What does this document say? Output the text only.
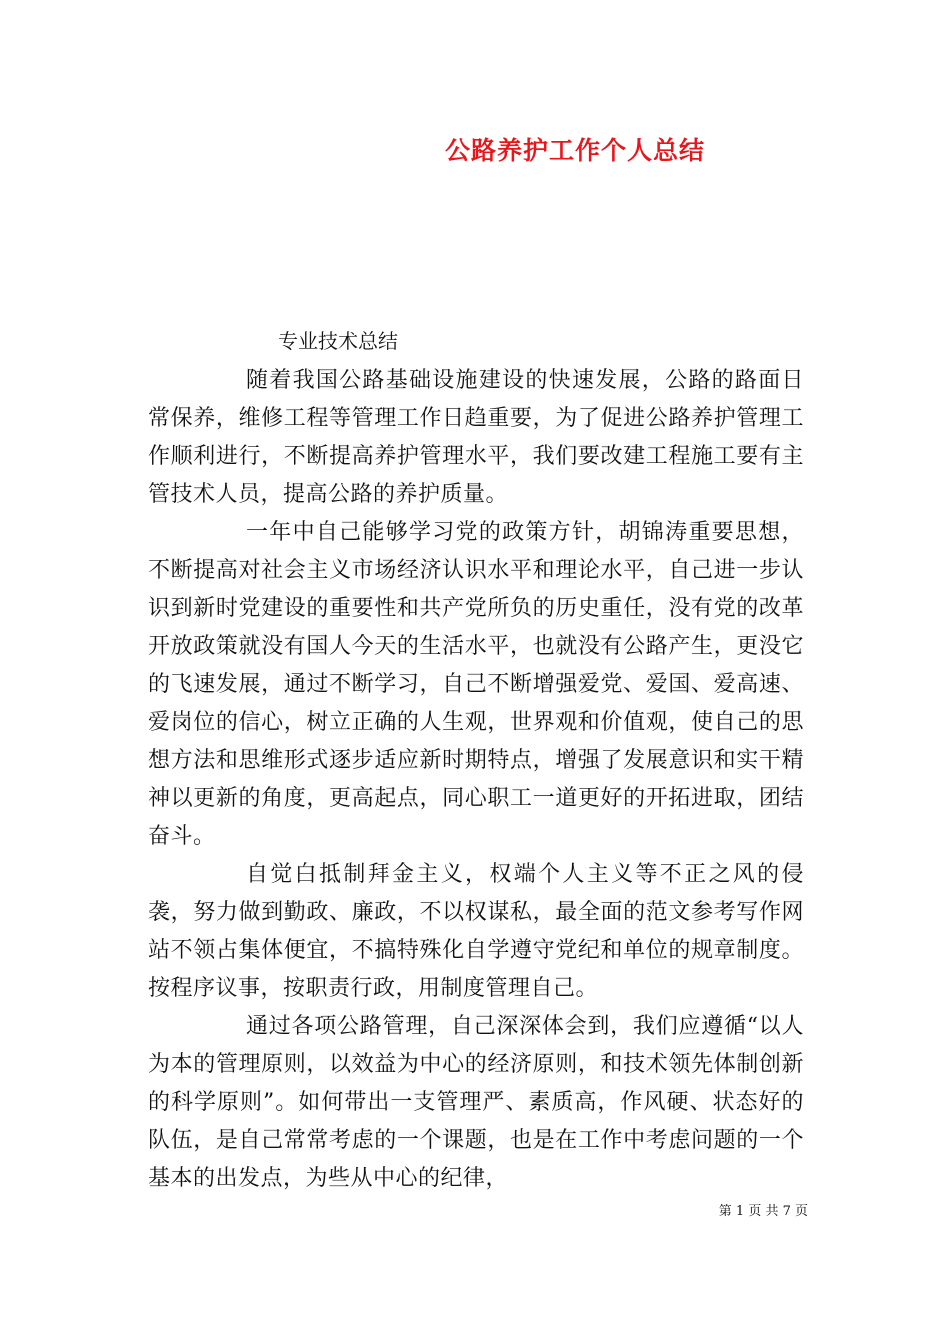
公路养护工作个人总结

专业技术总结

随着我国公路基础设施建设的快速发展，公路的路面日常保养，维修工程等管理工作日趋重要，为了促进公路养护管理工作顺利进行，不断提高养护管理水平，我们要改建工程施工要有主管技术人员，提高公路的养护质量。

一年中自己能够学习党的政策方针，胡锦涛重要思想，不断提高对社会主义市场经济认识水平和理论水平，自己进一步认识到新时党建设的重要性和共产党所负的历史重任，没有党的改革开放政策就没有国人今天的生活水平，也就没有公路产生，更没它的飞速发展，通过不断学习，自己不断增强爱党、爱国、爱高速、爱岗位的信心，树立正确的人生观，世界观和价值观，使自己的思想方法和思维形式逐步适应新时期特点，增强了发展意识和实干精神以更新的角度，更高起点，同心职工一道更好的开拓进取，团结奋斗。

自觉白抵制拜金主义，权端个人主义等不正之风的侵袭，努力做到勤政、廉政，不以权谋私，最全面的范文参考写作网站不领占集体便宜，不搞特殊化自学遵守党纪和单位的规章制度。按程序议事，按职责行政，用制度管理自己。

通过各项公路管理，自己深深体会到，我们应遵循“以人为本的管理原则，以效益为中心的经济原则，和技术领先体制创新的科学原则”。如何带出一支管理严、素质高，作风硬、状态好的队伍，是自己常常考虑的一个课题，也是在工作中考虑问题的一个基本的出发点，为些从中心的纪律，

第 1 页 共 7 页
